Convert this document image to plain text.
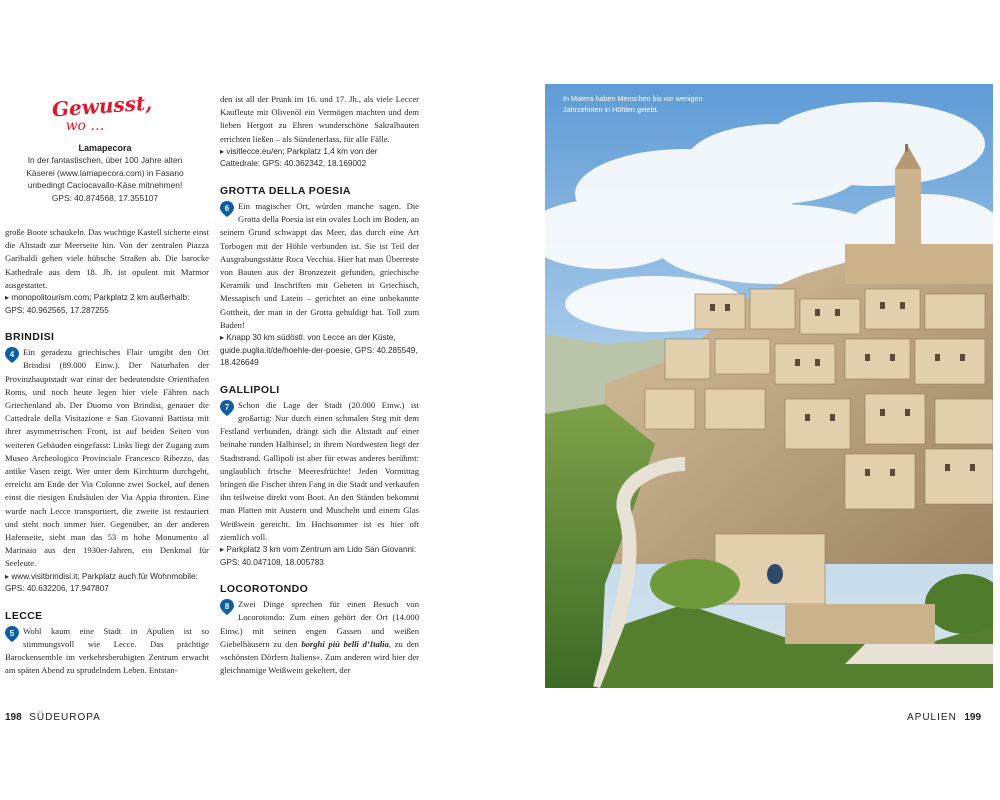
Gewusst,
wo …
Lamapecora
In der fantastischen, über 100 Jahre alten Käserei (www.lamapecora.com) in Fasano unbedingt Caciocavallo-Käse mitnehmen! GPS: 40.874568, 17.355107

große Boote schaukeln. Das wuchtige Kastell sicherte einst die Altstadt zur Meerseite hin. Von der zentralen Piazza Garibaldi gehen viele hübsche Straßen ab. Die barocke Kathedrale aus dem 18. Jh. ist opulent mit Marmor ausgestattet.

▸ monopolitourism.com; Parkplatz 2 km außerhalb: GPS: 40.962565, 17.287255

BRINDISI

4 Ein geradezu griechisches Flair umgibt den Ort Brindisi (89.000 Einw.). Der Naturhafen der Provinzhauptstadt war einst der bedeutendste Orienthafen Roms, und noch heute legen hier viele Fähren nach Griechenland ab. Der Duomo von Brindisi, genauer die Cattedrale della Visitazione e San Giovanni Battista mit ihrer asymmetrischen Front, ist auf beiden Seiten von weiteren Gebäuden eingefasst: Links liegt der Zugang zum Museo Archeologico Provinciale Francesco Ribezzo, das antike Vasen zeigt. Wer unter dem Kirchturm durchgeht, erreicht am Ende der Via Colonne zwei Sockel, auf denen einst die riesigen Endsäulen der Via Appia thronten. Eine wurde nach Lecce transportiert, die zweite ist restauriert und steht noch immer hier. Gegenüber, an der anderen Hafenseite, sieht man das 53 m hohe Monumento al Marinaio aus den 1930er-Jahren, ein Denkmal für Seeleute.

▸ www.visitbrindisi.it; Parkplatz auch für Wohnmobile: GPS: 40.632206, 17.947807

LECCE

5 Wohl kaum eine Stadt in Apulien ist so stimmungsvoll wie Lecce. Das prächtige Barockensemble im verkehrsberuhigten Zentrum erwacht am späten Abend zu sprudelndem Leben. Entstan-

den ist all der Prunk im 16. und 17. Jh., als viele Leccer Kaufleute mit Olivenöl ein Vermögen machten und dem lieben Hergott zu Ehren wunderschöne Sakralbauten errichten ließen – als Sündenerlass, für alle Fälle.

▸ visitlecce.eu/en; Parkplatz 1,4 km von der Cattedrale: GPS: 40.362342, 18.169002

GROTTA DELLA POESIA

6 Ein magischer Ort, würden manche sagen. Die Grotta della Poesia ist ein ovales Loch im Boden, an seinem Grund schwappt das Meer, das durch eine Art Torbogen mit der Höhle verbunden ist. Sie ist Teil der Ausgrabungsstätte Roca Vecchia. Hier hat man Überreste von Bauten aus der Bronzezeit gefunden, griechische Keramik und Inschriften mit Gebeten in Griechisch, Messapisch und Latein – gerichtet an eine unbekannte Gottheit, der man in der Grotta gehuldigt hat. Toll zum Baden!

▸ Knapp 30 km südöstl. von Lecce an der Küste, guide.puglia.it/de/hoehle-der-poesie, GPS: 40.285549, 18.426649

GALLIPOLI

7 Schon die Lage der Stadt (20.000 Einw.) ist großartig: Nur durch einen schmalen Steg mit dem Festland verbunden, drängt sich die Altstadt auf einer beinahe runden Halbinsel; in ihrem Nordwesten liegt der Stadtstrand. Gallipoli ist aber für etwas anderes berühmt: unglaublich frische Meeresfrüchte! Jeden Vormittag bringen die Fischer ihren Fang in die Stadt und verkaufen ihn teilweise direkt vom Boot. An den Ständen bekommt man Platten mit Austern und Muscheln und einem Glas Weißwein gereicht. Im Hochsommer ist es hier oft ziemlich voll.

▸ Parkplatz 3 km vom Zentrum am Lido San Giovanni: GPS: 40.047108, 18.005783

LOCOROTONDO

8 Zwei Dinge sprechen für einen Besuch von Locorotondo: Zum einen gehört der Ort (14.000 Einw.) mit seinen engen Gassen und weißen Giebelhäusern zu den borghi più belli d’Italia, zu den »schönsten Dörfern Italiens«. Zum anderen wird hier der gleichnamige Weißwein gekeltert, der

In Matera haben Menschen bis vor wenigen Jahrzehnten in Höhlen gelebt.
198 SÜDEUROPA	APULIEN 199
